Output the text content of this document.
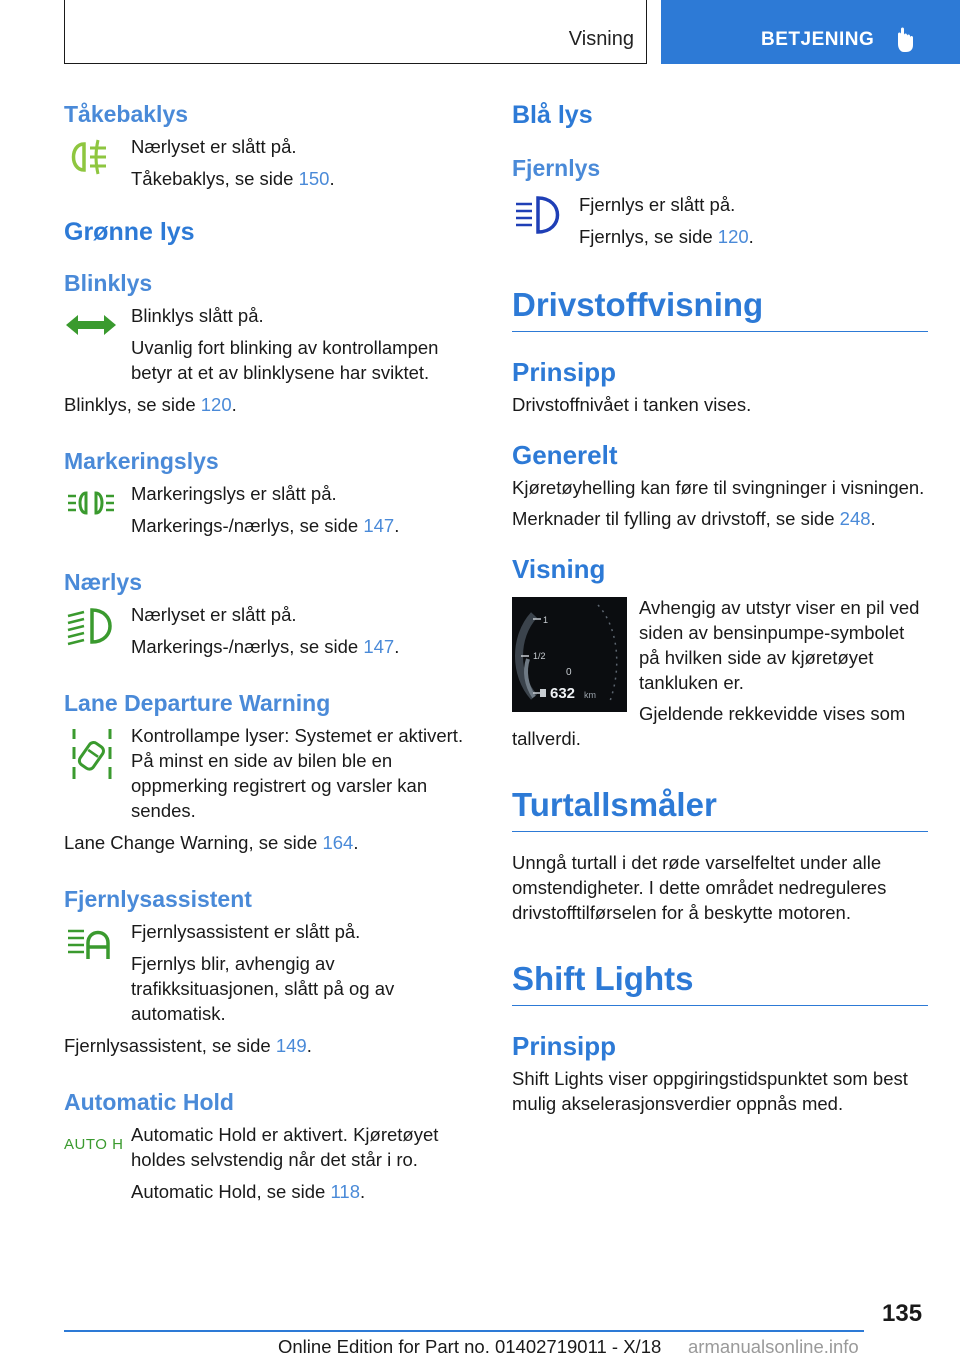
Visning	BETJENING
Tåkebaklys

Nærlyset er slått på.

Tåkebaklys, se side 150.

Grønne lys
Blinklys

Blinklys slått på.

Uvanlig fort blinking av kontrollampen betyr at et av blinklysene har sviktet.

Blinklys, se side 120.

Markeringslys

Markeringslys er slått på.

Markerings-/nærlys, se side 147.

Nærlys

Nærlyset er slått på.

Markerings-/nærlys, se side 147.

Lane Departure Warning

Kontrollampe lyser: Systemet er aktivert. På minst en side av bilen ble en oppmerking registrert og varsler kan sendes.

Lane Change Warning, se side 164.

Fjernlysassistent

Fjernlysassistent er slått på.

Fjernlys blir, avhengig av trafikksituasjonen, slått på og av automatisk.

Fjernlysassistent, se side 149.

Automatic Hold
AUTO H Automatic Hold er aktivert. Kjøretøyet holdes selvstendig når det står i ro.

Automatic Hold, se side 118.

Blå lys
Fjernlys

Fjernlys er slått på.

Fjernlys, se side 120.

Drivstoffvisning
Prinsipp

Drivstoffnivået i tanken vises.

Generelt

Kjøretøyhelling kan føre til svingninger i visningen.

Merknader til fylling av drivstoff, se side 248.

Visning
1
1/2
0
632 km

Avhengig av utstyr viser en pil ved siden av bensinpumpe-symbolet på hvilken side av kjøretøyet tankluken er.

Gjeldende rekkevidde vises som tallverdi.

Turtallsmåler

Unngå turtall i det røde varselfeltet under alle omstendigheter. I dette området nedreguleres drivstofftilførselen for å beskytte motoren.

Shift Lights
Prinsipp

Shift Lights viser oppgiringstidspunktet som best mulig akselerasjonsverdier oppnås med.

135
Online Edition for Part no. 01402719011 - X/18 armanualsonline.info
